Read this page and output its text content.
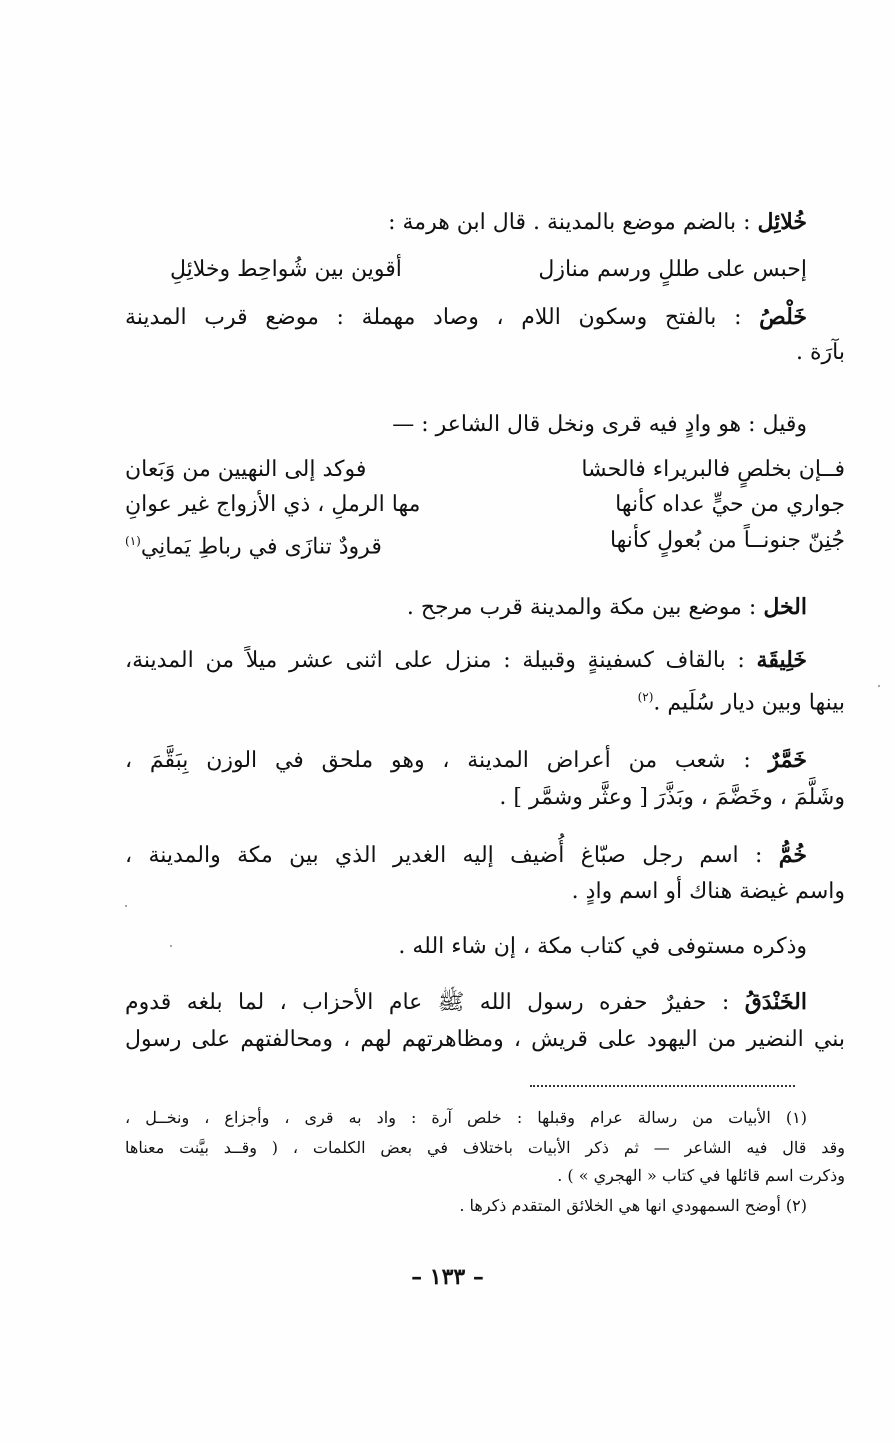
خُلائِل : بالضم موضع بالمدينة . قال ابن هرمة :
إحبس على طللٍ ورسم منازل
أقوين بين شُواحِط وخلائِلِ
خَلْصُ : بالفتح وسكون اللام ، وصاد مهملة : موضع قرب المدينة
بآرَة .
وقيل : هو وادٍ فيه قرى ونخل قال الشاعر : —
فــإن بخلصٍ فالبريراء فالحشا
فوكد إلى النهيين من وَبَعان
جواري من حيٍّ عداه كأنها
مها الرملِ ، ذي الأزواج غير عوانِ
جُنِنّ جنونــاً من بُعولٍ كأنها
قرودٌ تنازَى في رباطِ يَمانِي$^{(١)}$
الخل : موضع بين مكة والمدينة قرب مرجح .
خَلِيقَة : بالقاف كسفينةٍ وقبيلة : منزل على اثنى عشر ميلاً من المدينة،
بينها وبين ديار سُلَيم .$^{(٢)}$
خَمَّرٌ : شعب من أعراض المدينة ، وهو ملحق في الوزن بِبَقَّمَ ،
وشَلَّمَ ، وخَضَّمَ ، وبَذَّرَ [ وعثَّر وشمَّر ] .
خُمُّ : اسم رجل صبّاغ أُضيف إليه الغدير الذي بين مكة والمدينة ،
واسم غيضة هناك أو اسم وادٍ .
وذكره مستوفى في كتاب مكة ، إن شاء الله .
الخَنْدَقُ : حفيرٌ حفره رسول الله ﷺ عام الأحزاب ، لما بلغه قدوم
بني النضير من اليهود على قريش ، ومظاهرتهم لهم ، ومحالفتهم على رسول
(١) الأبيات من رسالة عرام وقبلها : خلص آرة : واد به قرى ، وأجزاع ، ونخــل ،
وقد قال فيه الشاعر — ثم ذكر الأبيات باختلاف في بعض الكلمات ، ( وقــد بيَّنت معناها
وذكرت اسم قائلها في كتاب « الهجري » ) .
(٢) أوضح السمهودي انها هي الخلائق المتقدم ذكرها .
– ١٣٣ –
